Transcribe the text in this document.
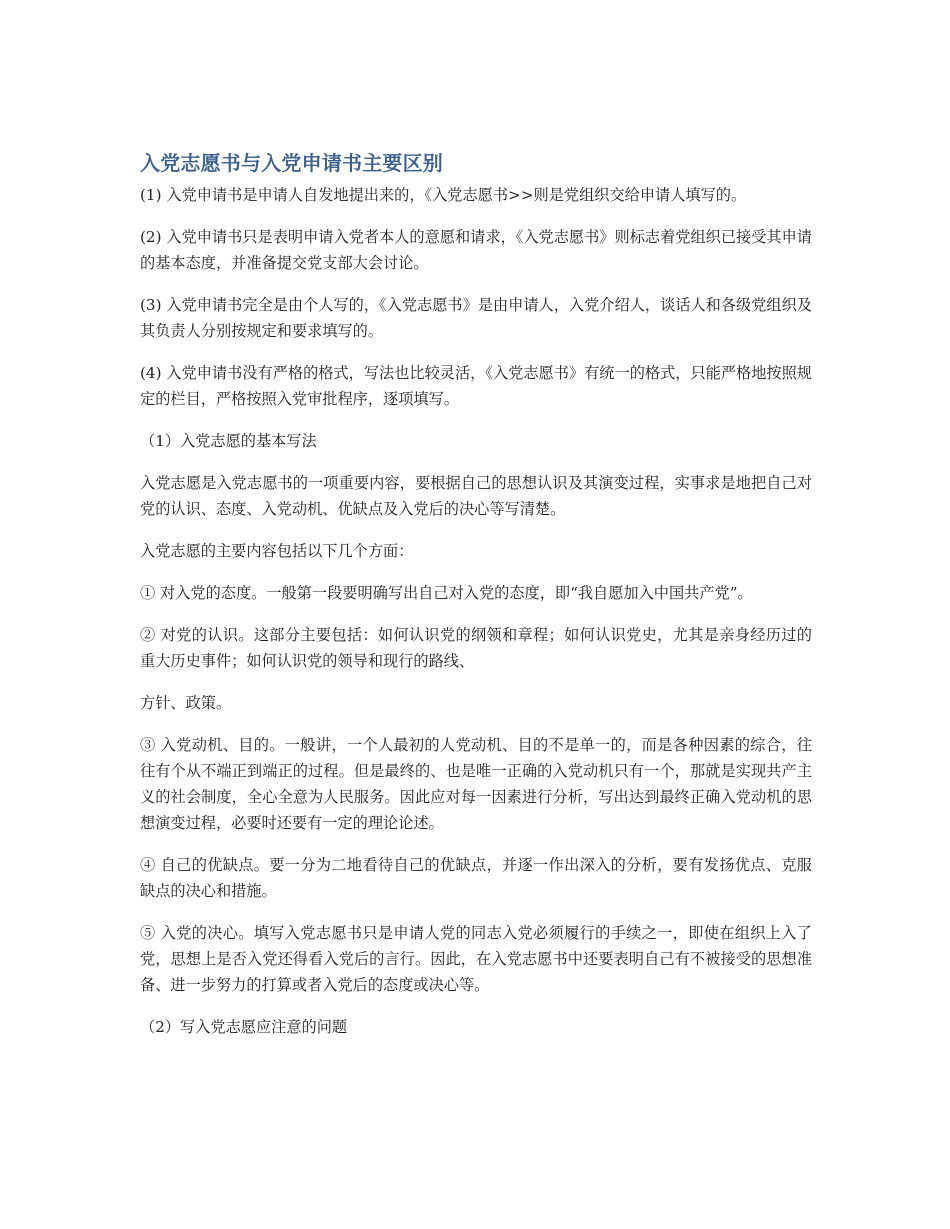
入党志愿书与入党申请书主要区别

(1) 入党申请书是申请人自发地提出来的，《入党志愿书>>则是党组织交给申请人填写的。

(2) 入党申请书只是表明申请入党者本人的意愿和请求，《入党志愿书》则标志着党组织已接受其申请的基本态度，并准备提交党支部大会讨论。

(3) 入党申请书完全是由个人写的，《入党志愿书》是由申请人，入党介绍人，谈话人和各级党组织及其负责人分别按规定和要求填写的。

(4) 入党申请书没有严格的格式，写法也比较灵活，《入党志愿书》有统一的格式，只能严格地按照规定的栏目，严格按照入党审批程序，逐项填写。

（1）入党志愿的基本写法

入党志愿是入党志愿书的一项重要内容，要根据自己的思想认识及其演变过程，实事求是地把自己对党的认识、态度、入党动机、优缺点及入党后的决心等写清楚。

入党志愿的主要内容包括以下几个方面：

① 对入党的态度。一般第一段要明确写出自己对入党的态度，即“我自愿加入中国共产党”。

② 对党的认识。这部分主要包括：如何认识党的纲领和章程；如何认识党史，尤其是亲身经历过的重大历史事件；如何认识党的领导和现行的路线、

方针、政策。

③ 入党动机、目的。一般讲，一个人最初的人党动机、目的不是单一的，而是各种因素的综合，往往有个从不端正到端正的过程。但是最终的、也是唯一正确的入党动机只有一个，那就是实现共产主义的社会制度，全心全意为人民服务。因此应对每一因素进行分析，写出达到最终正确入党动机的思想演变过程，必要时还要有一定的理论论述。

④ 自己的优缺点。要一分为二地看待自己的优缺点，并逐一作出深入的分析，要有发扬优点、克服缺点的决心和措施。

⑤ 入党的决心。填写入党志愿书只是申请人党的同志入党必须履行的手续之一，即使在组织上入了党，思想上是否入党还得看入党后的言行。因此，在入党志愿书中还要表明自己有不被接受的思想准备、进一步努力的打算或者入党后的态度或决心等。

（2）写入党志愿应注意的问题
